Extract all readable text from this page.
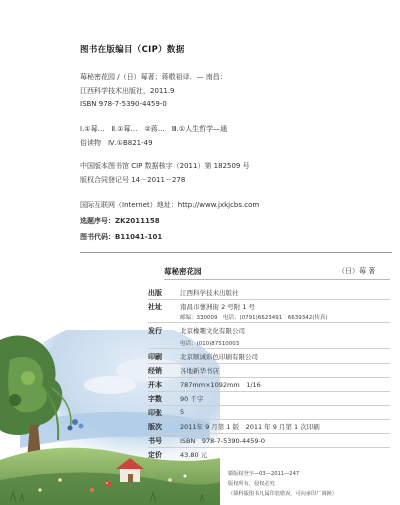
图书在版编目（CIP）数据
莓秘密花园 /（日）莓著；蒋敬祖译．— 南昌：
江西科学技术出版社，2011.9
ISBN 978-7-5390-4459-0
Ⅰ.①莓…　Ⅱ.①莓…　②蒋…　Ⅲ.①人生哲学—通
俗读物　Ⅳ.①B821-49
中国版本图书馆 CIP 数据核字（2011）第 182509 号
版权合同登记号 14－2011－278
国际互联网（Internet）地址：http://www.jxkjcbs.com
选题序号：ZK2011158
图书代码：B11041-101
莓秘密花园	（日）莓 著
出版	江西科学技术出版社
社址	南昌市蓼洲街 2 号附 1 号
邮编：330009　电话：(0791)6623491　6639342(传真)
发行	北京橡趣文化有限公司
电话：(010)87510003
印刷	北京顺诚彩色印刷有限公司
经销	各地新华书店
开本	787mm×1092mm　1/16
字数	90 千字
印张	5
版次	2011年 9 月第 1 版　2011 年 9 月第 1 次印刷
书号	ISBN　978-7-5390-4459-0
定价	43.80 元
赣版权登字—03—2011—247
版权所有，侵权必究
（赣科版图书凡属印装错误，可向承印厂调换）
